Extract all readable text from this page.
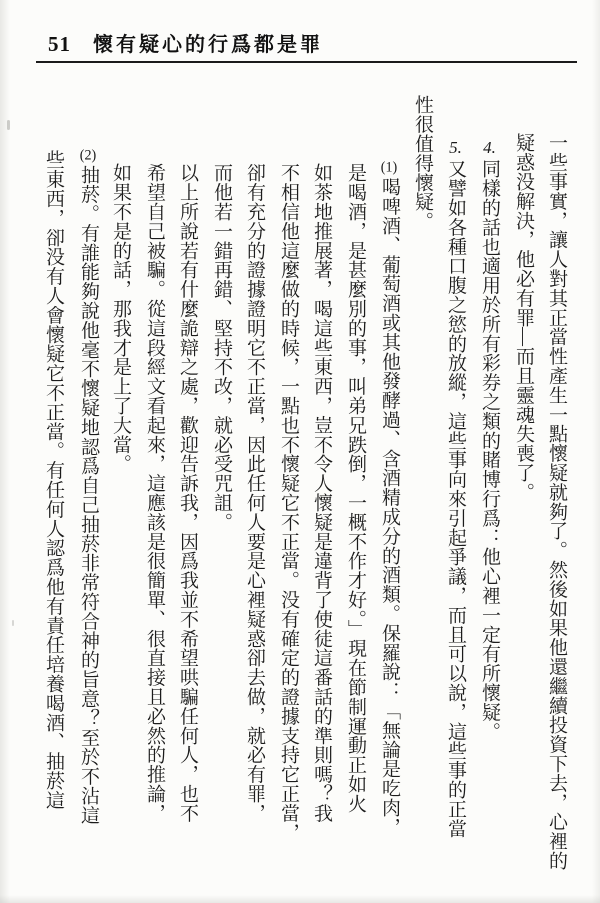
51 懷有疑心的行爲都是罪
一些事實，讓人對其正當性產生一點懷疑就夠了。然後如果他還繼續投資下去，心裡的
疑惑没解決，他必有罪—而且靈魂失喪了。
4.同樣的話也適用於所有彩券之類的賭博行爲：他心裡一定有所懷疑。
5.又譬如各種口腹之慾的放縱，這些事向來引起爭議，而且可以說，這些事的正當
性很值得懷疑。
(1)喝啤酒、葡萄酒或其他發酵過、含酒精成分的酒類。保羅說：「無論是吃肉，
是喝酒，是甚麼別的事，叫弟兄跌倒，一概不作才好。」現在節制運動正如火
如茶地推展著，喝這些東西，豈不令人懷疑是違背了使徒這番話的準則嗎？我
不相信他這麼做的時候，一點也不懷疑它不正當。没有確定的證據支持它正當，
卻有充分的證據證明它不正當，因此任何人要是心裡疑惑卻去做，就必有罪，
而他若一錯再錯、堅持不改，就必受咒詛。
以上所說若有什麼詭辯之處，歡迎告訴我，因爲我並不希望哄騙任何人，也不
希望自己被騙。從這段經文看起來，這應該是很簡單、很直接且必然的推論，
如果不是的話，那我才是上了大當。
(2)抽菸。有誰能夠說他毫不懷疑地認爲自己抽菸非常符合神的旨意？至於不沾這
些東西，卻没有人會懷疑它不正當。有任何人認爲他有責任培養喝酒、抽菸這
